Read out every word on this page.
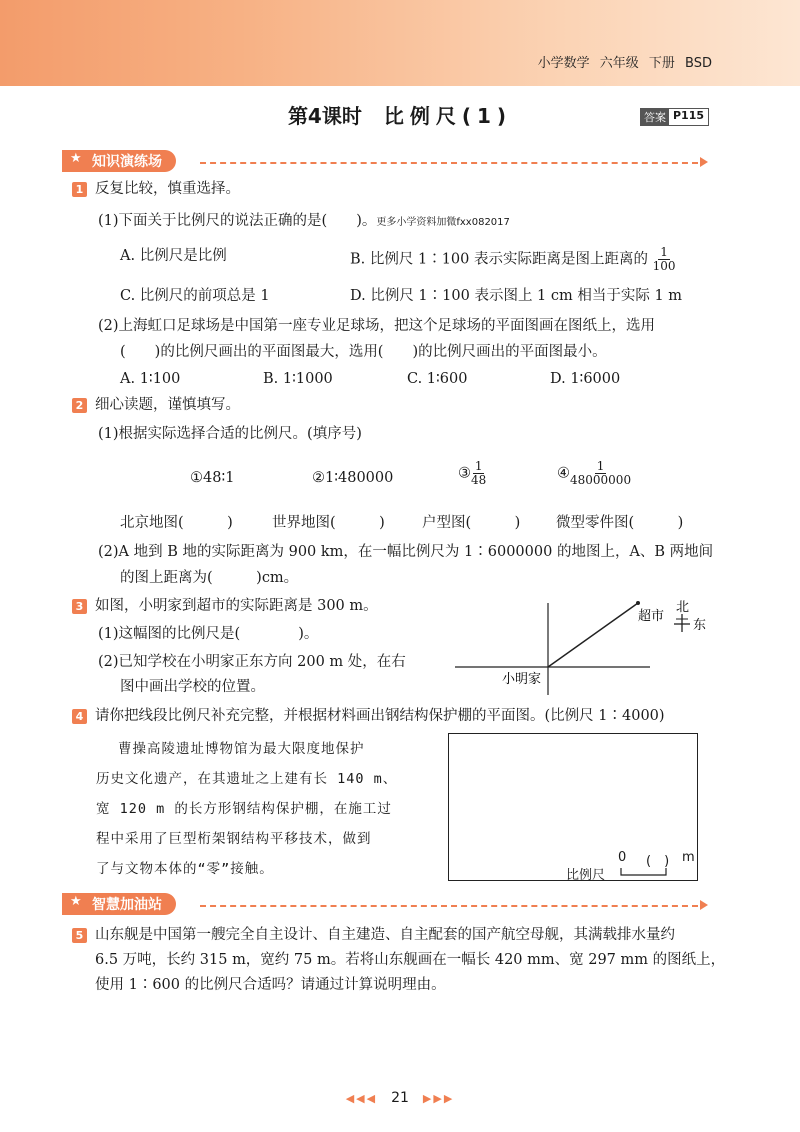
小学数学 六年级 下册 BSD
第4课时 比例尺(1)	答案 P115
★ 知识演练场
1 反复比较，慎重选择。
(1)下面关于比例尺的说法正确的是(　　)。更多小学资料加微fxx082017
A. 比例尺是比例	B. 比例尺 1∶100 表示实际距离是图上距离的 $\frac{1}{100}$
C. 比例尺的前项总是 1	D. 比例尺 1∶100 表示图上 1 cm 相当于实际 1 m
(2)上海虹口足球场是中国第一座专业足球场，把这个足球场的平面图画在图纸上，选用
(　　)的比例尺画出的平面图最大，选用(　　)的比例尺画出的平面图最小。
A. 1∶100	B. 1∶1000	C. 1∶600	D. 1∶6000
2 细心读题，谨慎填写。
(1)根据实际选择合适的比例尺。(填序号)
①48∶1	②1∶480000	③ $\frac{1}{48}$	④ $\frac{1}{48000000}$
北京地图(　　　)	世界地图(　　　)	户型图(　　　) 微型零件图(　　　)
(2)A 地到 B 地的实际距离为 900 km，在一幅比例尺为 1∶6000000 的地图上，A、B 两地间
的图上距离为(　　　)cm。
3 如图，小明家到超市的实际距离是 300 m。
(1)这幅图的比例尺是(　　　　)。
(2)已知学校在小明家正东方向 200 m 处，在右
图中画出学校的位置。	小明家
超市
北
东
4 请你把线段比例尺补充完整，并根据材料画出钢结构保护棚的平面图。(比例尺 1∶4000)
曹操高陵遗址博物馆为最大限度地保护
历史文化遗产，在其遗址之上建有长 140 m、
宽 120 m 的长方形钢结构保护棚，在施工过
程中采用了巨型桁架钢结构平移技术，做到
了与文物本体的“零”接触。	比例尺
0 (　) m
★ 智慧加油站
5 山东舰是中国第一艘完全自主设计、自主建造、自主配套的国产航空母舰，其满载排水量约
6.5 万吨，长约 315 m，宽约 75 m。若将山东舰画在一幅长 420 mm、宽 297 mm 的图纸上，
使用 1∶600 的比例尺合适吗？请通过计算说明理由。
◀◀◀ 21 ▶▶▶
